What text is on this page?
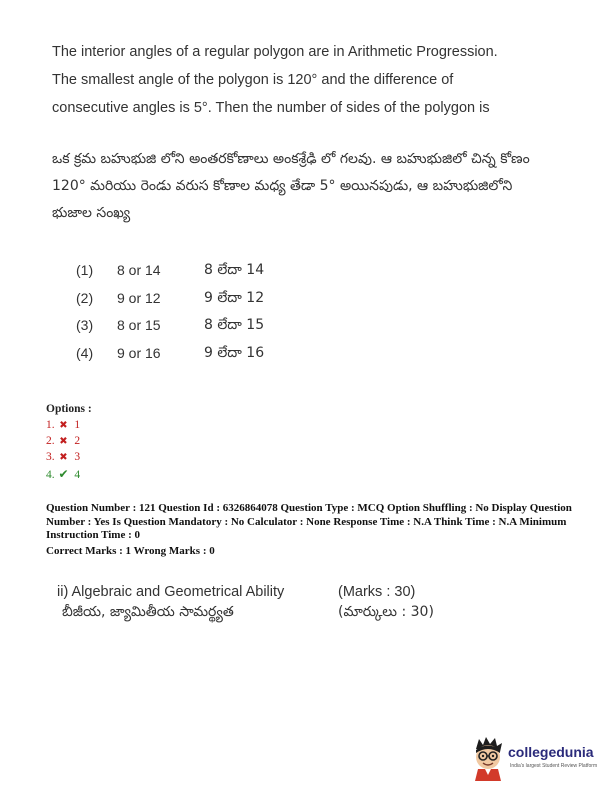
The interior angles of a regular polygon are in Arithmetic Progression. The smallest angle of the polygon is 120° and the difference of consecutive angles is 5°. Then the number of sides of the polygon is
ఒక క్రమ బహుభుజి లోని అంతరకోణాలు అంకశ్రేఢి లో గలవు. ఆ బహుభుజిలో చిన్న కోణం 120° మరియు రెండు వరుస కోణాల మధ్య తేడా 5° అయినపుడు, ఆ బహుభుజిలోని భుజాల సంఖ్య
(1) 8 or 14	8 లేదా 14
(2) 9 or 12	9 లేదా 12
(3) 8 or 15	8 లేదా 15
(4) 9 or 16	9 లేదా 16
Options :
1. ✖ 1
2. ✖ 2
3. ✖ 3
4. ✔ 4
Question Number : 121 Question Id : 6326864078 Question Type : MCQ Option Shuffling : No Display Question Number : Yes Is Question Mandatory : No Calculator : None Response Time : N.A Think Time : N.A Minimum Instruction Time : 0
Correct Marks : 1 Wrong Marks : 0
ii) Algebraic and Geometrical Ability	(Marks : 30)
బీజీయ, జ్యామితీయ సామర్థ్యత	(మార్కులు : 30)
collegedunia
India's largest Student Review Platform
